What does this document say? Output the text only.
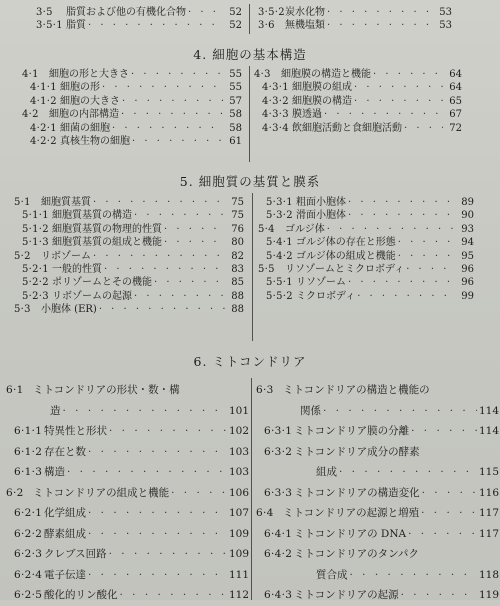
3·5	脂質および他の有機化合物 · · ·	52
3·5·1 脂質 · · ·	52
3·5·2 炭水化物 · · ·	53
3·6	無機塩類 · · ·	53
4. 細胞の基本構造
4·1	細胞の形と大きさ · · ·	55
4·1·1 細胞の形 · · ·	55
4·1·2 細胞の大きさ · · ·	57
4·2	細胞の内部構造 · · ·	58
4·2·1 細菌の細胞 · · ·	58
4·2·2 真核生物の細胞 · · ·	61
4·3	細胞膜の構造と機能 · · ·	64
4·3·1 細胞膜の組成 · · ·	64
4·3·2 細胞膜の構造 · · ·	65
4·3·3 膜透過 · · ·	67
4·3·4 飲細胞活動と食細胞活動 · · ·	72
5. 細胞質の基質と膜系
5·1	細胞質基質 · · ·	75
5·1·1 細胞質基質の構造 · · ·	75
5·1·2 細胞質基質の物理的性質 · · ·	76
5·1·3 細胞質基質の組成と機能 · · ·	80
5·2	リボゾーム · · ·	82
5·2·1 一般的性質 · · ·	83
5·2·2 ポリゾームとその機能 · · ·	85
5·2·3 リボゾームの起源 · · ·	88
5·3	小胞体 (ER) · · ·	88
5·3·1 粗面小胞体 · · ·	89
5·3·2 滑面小胞体 · · ·	90
5·4	ゴルジ体 · · ·	93
5·4·1 ゴルジ体の存在と形態 · · ·	94
5·4·2 ゴルジ体の組成と機能 · · ·	95
5·5	リソゾームとミクロボディ · · ·	96
5·5·1 リソゾーム · · ·	96
5·5·2 ミクロボディ · · ·	99
6. ミトコンドリア
6·1 ミトコンドリアの形状・数・構
造 · · ·	101
6·1·1 特異性と形状 · · ·	102
6·1·2 存在と数 · · ·	103
6·1·3 構造 · · ·	103
6·2 ミトコンドリアの組成と機能 · · ·	106
6·2·1 化学組成 · · ·	107
6·2·2 酵素組成 · · ·	109
6·2·3 クレブス回路 · · ·	109
6·2·4 電子伝達 · · ·	111
6·2·5 酸化的リン酸化 · · ·	112
6·3 ミトコンドリアの構造と機能の
関係 · · ·	114
6·3·1 ミトコンドリア膜の分離 · · ·	114
6·3·2 ミトコンドリア成分の酵素
組成 · · ·	115
6·3·3 ミトコンドリアの構造変化 · · ·	116
6·4 ミトコンドリアの起源と増殖 · · ·	117
6·4·1 ミトコンドリアの DNA · · ·	117
6·4·2 ミトコンドリアのタンパク
質合成 · · ·	118
6·4·3 ミトコンドリアの起源 · · ·	119
